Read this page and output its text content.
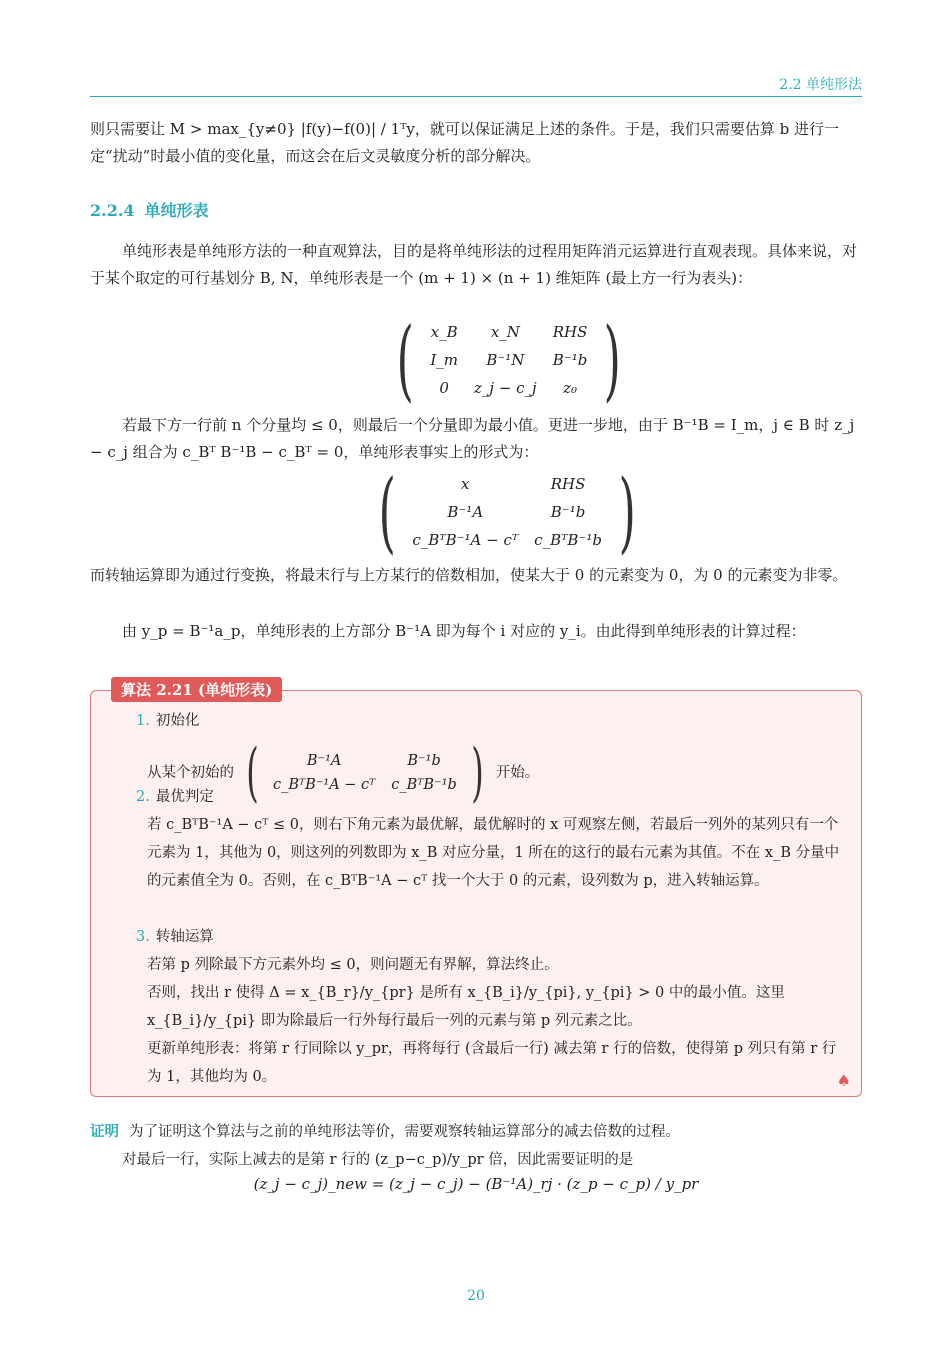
2.2 单纯形法
则只需要让 M > max_{y≠0} |f(y)−f(0)| / 1ᵀy，就可以保证满足上述的条件。于是，我们只需要估算 b 进行一定“扰动”时最小值的变化量，而这会在后文灵敏度分析的部分解决。
2.2.4 单纯形表
单纯形表是单纯形方法的一种直观算法，目的是将单纯形法的过程用矩阵消元运算进行直观表现。具体来说，对于某个取定的可行基划分 B, N，单纯形表是一个 (m + 1) × (n + 1) 维矩阵 (最上方一行为表头)：
(	x_B	x_N	RHS
I_m	B⁻¹N	B⁻¹b
0	z_j − c_j	z₀ )
若最下方一行前 n 个分量均 ≤ 0，则最后一个分量即为最小值。更进一步地，由于 B⁻¹B = I_m，j ∈ B 时 z_j − c_j 组合为 c_Bᵀ B⁻¹B − c_Bᵀ = 0，单纯形表事实上的形式为：
(	x	RHS
B⁻¹A	B⁻¹b
c_BᵀB⁻¹A − cᵀ	c_BᵀB⁻¹b )
而转轴运算即为通过行变换，将最末行与上方某行的倍数相加，使某大于 0 的元素变为 0，为 0 的元素变为非零。
由 y_p = B⁻¹a_p，单纯形表的上方部分 B⁻¹A 即为每个 i 对应的 y_i。由此得到单纯形表的计算过程：
算法 2.21 (单纯形表)
1. 初始化
从某个初始的 (	B⁻¹A	B⁻¹b
c_BᵀB⁻¹A − cᵀ	c_BᵀB⁻¹b ) 开始。
2. 最优判定
若 c_BᵀB⁻¹A − cᵀ ≤ 0，则右下角元素为最优解，最优解时的 x 可观察左侧，若最后一列外的某列只有一个元素为 1，其他为 0，则这列的列数即为 x_B 对应分量，1 所在的这行的最右元素为其值。不在 x_B 分量中的元素值全为 0。否则，在 c_BᵀB⁻¹A − cᵀ 找一个大于 0 的元素，设列数为 p，进入转轴运算。
3. 转轴运算
若第 p 列除最下方元素外均 ≤ 0，则问题无有界解，算法终止。
否则，找出 r 使得 Δ = x_{B_r}/y_{pr} 是所有 x_{B_i}/y_{pi}, y_{pi} > 0 中的最小值。这里 x_{B_i}/y_{pi} 即为除最后一行外每行最后一列的元素与第 p 列元素之比。
更新单纯形表：将第 r 行同除以 y_pr，再将每行 (含最后一行) 减去第 r 行的倍数，使得第 p 列只有第 r 行为 1，其他均为 0。	♠
证明 为了证明这个算法与之前的单纯形法等价，需要观察转轴运算部分的减去倍数的过程。
对最后一行，实际上减去的是第 r 行的 (z_p−c_p)/y_pr 倍，因此需要证明的是
(z_j − c_j)_new = (z_j − c_j) − (B⁻¹A)_rj · (z_p − c_p) / y_pr
20
